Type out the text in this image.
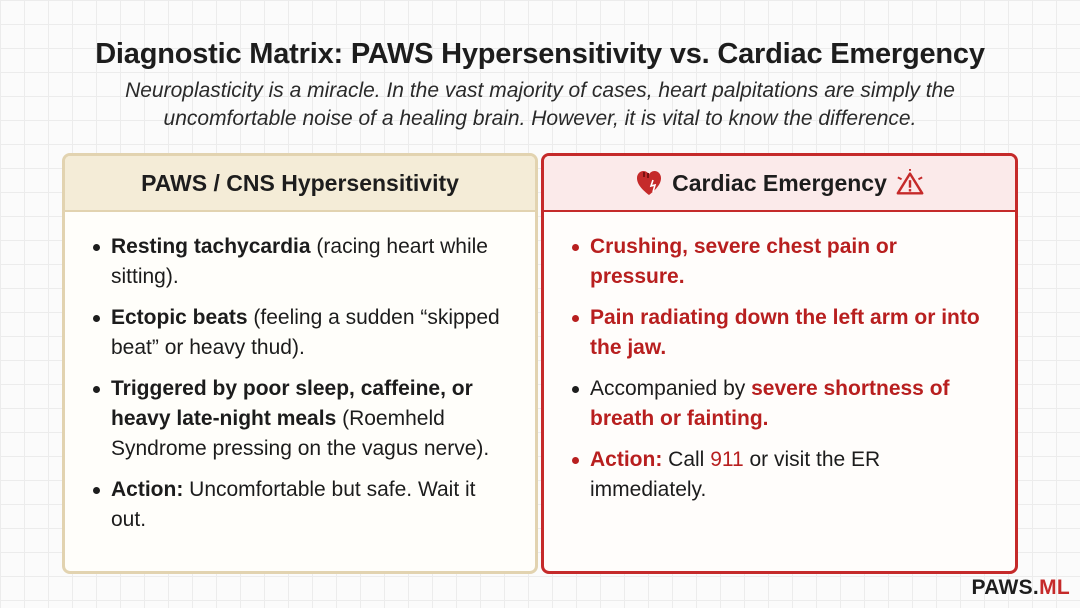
Diagnostic Matrix: PAWS Hypersensitivity vs. Cardiac Emergency
Neuroplasticity is a miracle. In the vast majority of cases, heart palpitations are simply the uncomfortable noise of a healing brain. However, it is vital to know the difference.
PAWS / CNS Hypersensitivity
Resting tachycardia (racing heart while sitting).
Ectopic beats (feeling a sudden “skipped beat” or heavy thud).
Triggered by poor sleep, caffeine, or heavy late-night meals (Roemheld Syndrome pressing on the vagus nerve).
Action: Uncomfortable but safe. Wait it out.
Cardiac Emergency
Crushing, severe chest pain or pressure.
Pain radiating down the left arm or into the jaw.
Accompanied by severe shortness of breath or fainting.
Action: Call 911 or visit the ER immediately.
PAWS.ML
